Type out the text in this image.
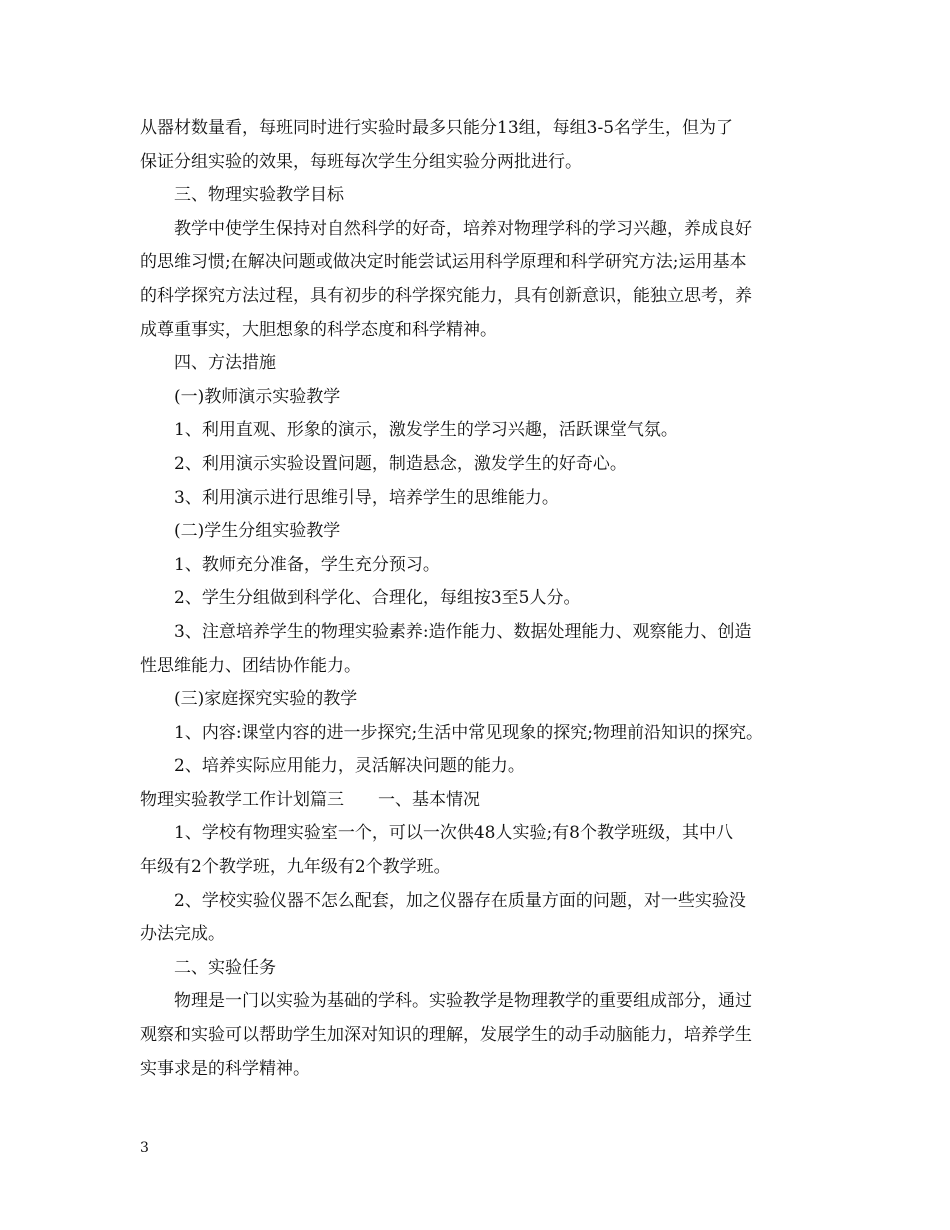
从器材数量看，每班同时进行实验时最多只能分13组，每组3-5名学生，但为了
保证分组实验的效果，每班每次学生分组实验分两批进行。
三、物理实验教学目标
教学中使学生保持对自然科学的好奇，培养对物理学科的学习兴趣，养成良好
的思维习惯;在解决问题或做决定时能尝试运用科学原理和科学研究方法;运用基本
的科学探究方法过程，具有初步的科学探究能力，具有创新意识，能独立思考，养
成尊重事实，大胆想象的科学态度和科学精神。
四、方法措施
(一)教师演示实验教学
1、利用直观、形象的演示，激发学生的学习兴趣，活跃课堂气氛。
2、利用演示实验设置问题，制造悬念，激发学生的好奇心。
3、利用演示进行思维引导，培养学生的思维能力。
(二)学生分组实验教学
1、教师充分准备，学生充分预习。
2、学生分组做到科学化、合理化，每组按3至5人分。
3、注意培养学生的物理实验素养:造作能力、数据处理能力、观察能力、创造
性思维能力、团结协作能力。
(三)家庭探究实验的教学
1、内容:课堂内容的进一步探究;生活中常见现象的探究;物理前沿知识的探究。
2、培养实际应用能力，灵活解决问题的能力。
物理实验教学工作计划篇三　　一、基本情况
1、学校有物理实验室一个，可以一次供48人实验;有8个教学班级，其中八
年级有2个教学班，九年级有2个教学班。
2、学校实验仪器不怎么配套，加之仪器存在质量方面的问题，对一些实验没
办法完成。
二、实验任务
物理是一门以实验为基础的学科。实验教学是物理教学的重要组成部分，通过
观察和实验可以帮助学生加深对知识的理解，发展学生的动手动脑能力，培养学生
实事求是的科学精神。
3
